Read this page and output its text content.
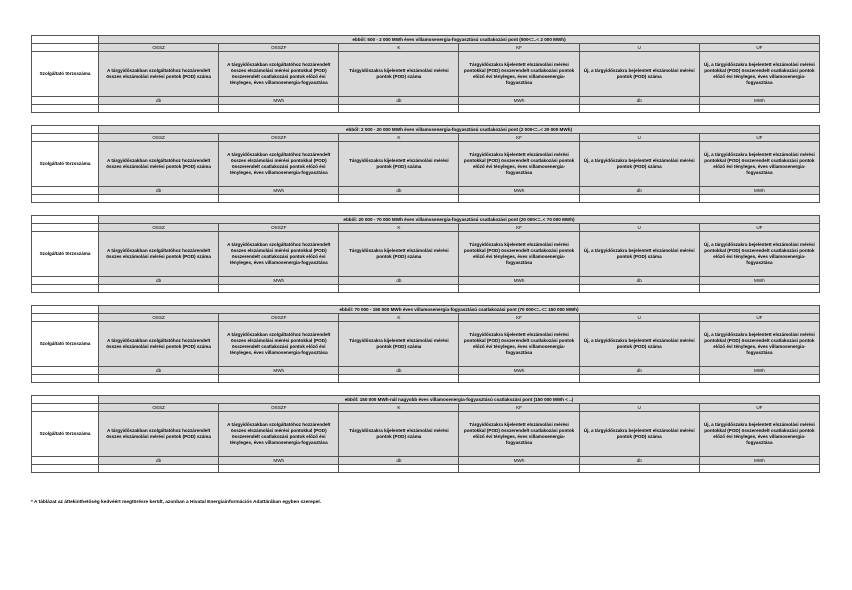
	ebből: 500 - 2 000 MWh éves villamosenergia-fogyasztású csatlakozási pont (500<=..< 2 000 MWh)					
	OSSZ	OSSZF	K	KF	U	UF
Szolgáltató törzsszáma	A tárgyidőszakban szolgáltatóhoz hozzárendelt összes elszámolási mérési pontok (POD) száma	A tárgyidőszakban szolgáltatóhoz hozzárendelt összes elszámolási mérési pontokkal (POD) összerendelt csatlakozási pontok előző évi tényleges, éves villamosenergia-fogyasztása	Tárgyidőszakra kijelentett elszámolási mérési pontok (POD) száma	Tárgyidőszakra kijelentett elszámolási mérési pontokkal (POD) összerendelt csatlakozási pontok előző évi tényleges, éves villamosenergia-fogyasztása	Új, a tárgyidőszakra bejelentett elszámolási mérési pontok (POD) száma	Új, a tárgyidőszakra bejelentett elszámolási mérési pontokkal (POD) összerendelt csatlakozási pontok előző évi tényleges, éves villamosenergia-fogyasztása
	db	MWh	db	MWh	db	MWh

	ebből: 2 000 - 20 000 MWh éves villamosenergia-fogyasztású csatlakozási pont (2 000<=..< 20 000 MWh)					
	OSSZ	OSSZF	K	KF	U	UF
Szolgáltató törzsszáma	A tárgyidőszakban szolgáltatóhoz hozzárendelt összes elszámolási mérési pontok (POD) száma	A tárgyidőszakban szolgáltatóhoz hozzárendelt összes elszámolási mérési pontokkal (POD) összerendelt csatlakozási pontok előző évi tényleges, éves villamosenergia-fogyasztása	Tárgyidőszakra kijelentett elszámolási mérési pontok (POD) száma	Tárgyidőszakra kijelentett elszámolási mérési pontokkal (POD) összerendelt csatlakozási pontok előző évi tényleges, éves villamosenergia-fogyasztása	Új, a tárgyidőszakra bejelentett elszámolási mérési pontok (POD) száma	Új, a tárgyidőszakra bejelentett elszámolási mérési pontokkal (POD) összerendelt csatlakozási pontok előző évi tényleges, éves villamosenergia-fogyasztása
	db	MWh	db	MWh	db	MWh

	ebből: 20 000 - 70 000 MWh éves villamosenergia-fogyasztású csatlakozási pont (20 000<=..< 70 000 MWh)					
	OSSZ	OSSZF	K	KF	U	UF
Szolgáltató törzsszáma	A tárgyidőszakban szolgáltatóhoz hozzárendelt összes elszámolási mérési pontok (POD) száma	A tárgyidőszakban szolgáltatóhoz hozzárendelt összes elszámolási mérési pontokkal (POD) összerendelt csatlakozási pontok előző évi tényleges, éves villamosenergia-fogyasztása	Tárgyidőszakra kijelentett elszámolási mérési pontok (POD) száma	Tárgyidőszakra kijelentett elszámolási mérési pontokkal (POD) összerendelt csatlakozási pontok előző évi tényleges, éves villamosenergia-fogyasztása	Új, a tárgyidőszakra bejelentett elszámolási mérési pontok (POD) száma	Új, a tárgyidőszakra bejelentett elszámolási mérési pontokkal (POD) összerendelt csatlakozási pontok előző évi tényleges, éves villamosenergia-fogyasztása
	db	MWh	db	MWh	db	MWh

	ebből: 70 000 - 150 000 MWh éves villamosenergia-fogyasztású csatlakozási pont (70 000<=..<= 150 000 MWh)					
	OSSZ	OSSZF	K	KF	U	UF
Szolgáltató törzsszáma	A tárgyidőszakban szolgáltatóhoz hozzárendelt összes elszámolási mérési pontok (POD) száma	A tárgyidőszakban szolgáltatóhoz hozzárendelt összes elszámolási mérési pontokkal (POD) összerendelt csatlakozási pontok előző évi tényleges, éves villamosenergia-fogyasztása	Tárgyidőszakra kijelentett elszámolási mérési pontok (POD) száma	Tárgyidőszakra kijelentett elszámolási mérési pontokkal (POD) összerendelt csatlakozási pontok előző évi tényleges, éves villamosenergia-fogyasztása	Új, a tárgyidőszakra bejelentett elszámolási mérési pontok (POD) száma	Új, a tárgyidőszakra bejelentett elszámolási mérési pontokkal (POD) összerendelt csatlakozási pontok előző évi tényleges, éves villamosenergia-fogyasztása
	db	MWh	db	MWh	db	MWh

	ebből: 150 000 MWh-nál nagyobb éves villamosenergia-fogyasztású csatlakozási pont (150 000 MWh < ..)					
	OSSZ	OSSZF	K	KF	U	UF
Szolgáltató törzsszáma	A tárgyidőszakban szolgáltatóhoz hozzárendelt összes elszámolási mérési pontok (POD) száma	A tárgyidőszakban szolgáltatóhoz hozzárendelt összes elszámolási mérési pontokkal (POD) összerendelt csatlakozási pontok előző évi tényleges, éves villamosenergia-fogyasztása	Tárgyidőszakra kijelentett elszámolási mérési pontok (POD) száma	Tárgyidőszakra kijelentett elszámolási mérési pontokkal (POD) összerendelt csatlakozási pontok előző évi tényleges, éves villamosenergia-fogyasztása	Új, a tárgyidőszakra bejelentett elszámolási mérési pontok (POD) száma	Új, a tárgyidőszakra bejelentett elszámolási mérési pontokkal (POD) összerendelt csatlakozási pontok előző évi tényleges, éves villamosenergia-fogyasztása
	db	MWh	db	MWh	db	MWh

* A táblázat az áttekinthetőség kedvéért megtörésre került, azonban a Hivatal Energiainformációs Adattárában egyben szerepel.
